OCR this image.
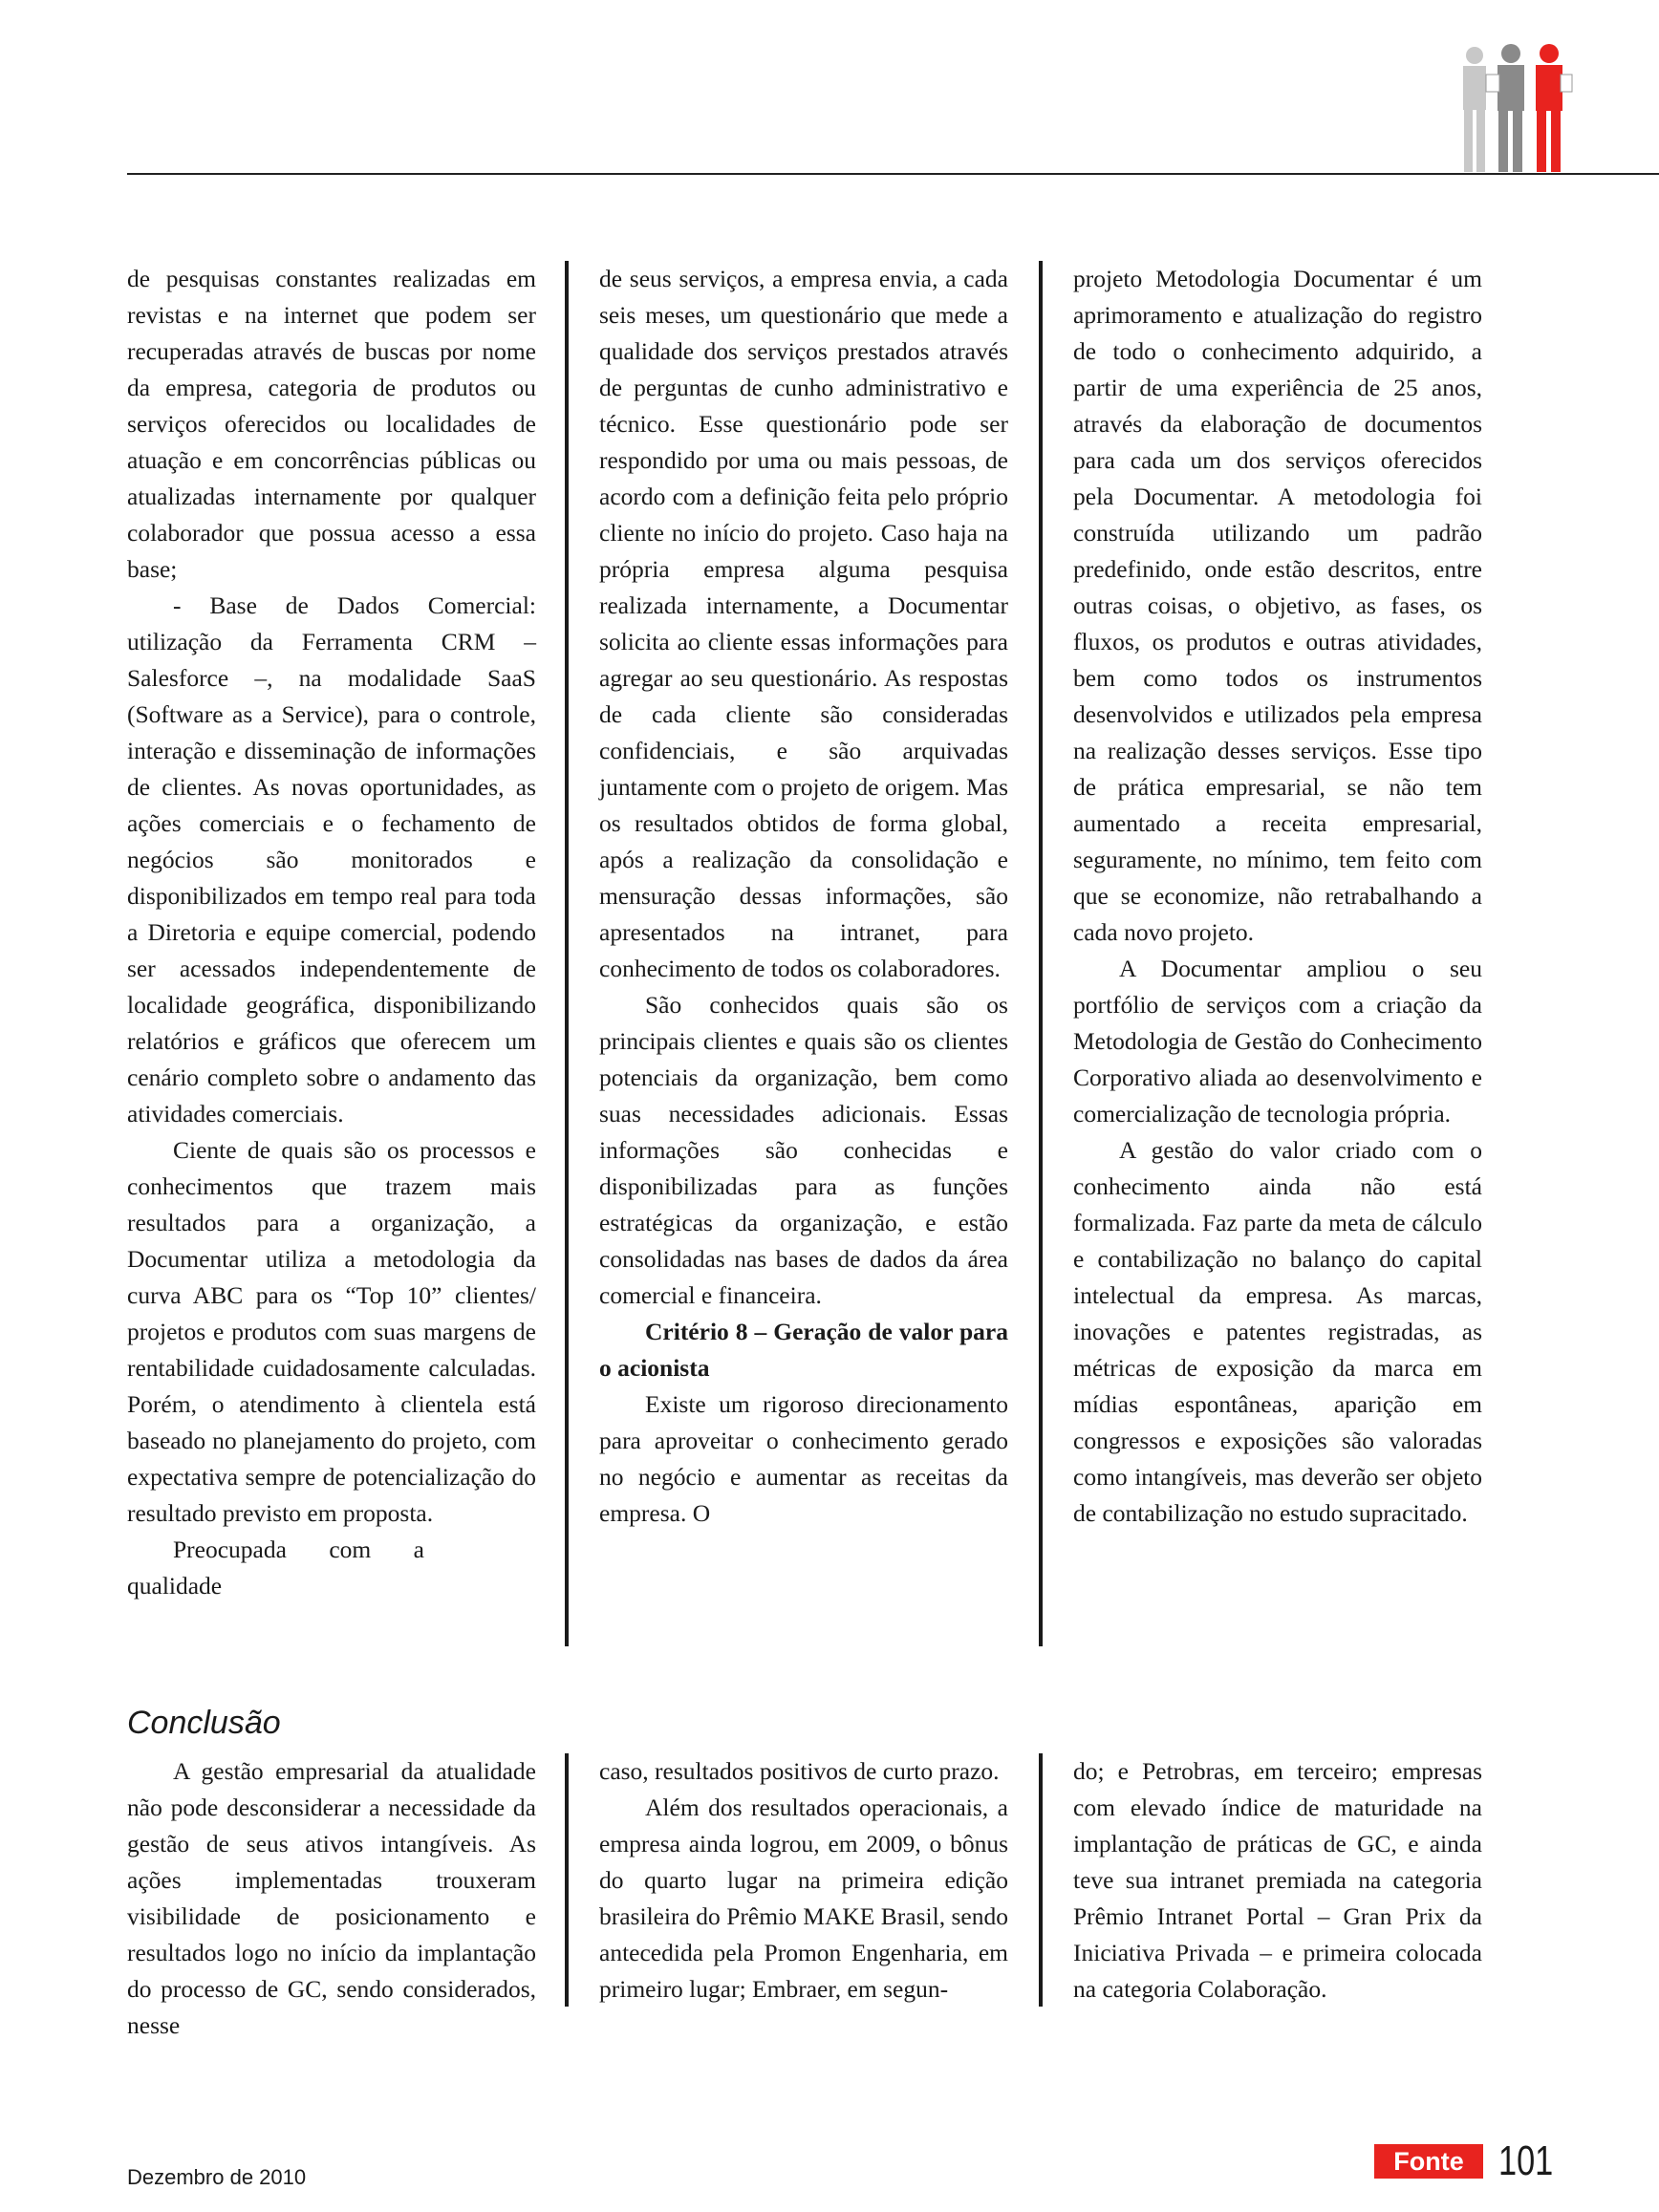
de pesquisas constantes realizadas em revistas e na internet que podem ser recuperadas através de buscas por nome da empresa, categoria de produtos ou serviços oferecidos ou localidades de atuação e em concorrências públicas ou atualizadas internamente por qualquer colaborador que possua acesso a essa base;

- Base de Dados Comercial: utilização da Ferramenta CRM – Salesforce –, na modalidade SaaS (Software as a Service), para o controle, interação e disseminação de informações de clientes. As novas oportunidades, as ações comerciais e o fechamento de negócios são monitorados e disponibilizados em tempo real para toda a Diretoria e equipe comercial, podendo ser acessados independentemente de localidade geográfica, disponibilizando relatórios e gráficos que oferecem um cenário completo sobre o andamento das atividades comerciais.

Ciente de quais são os processos e conhecimentos que trazem mais resultados para a organização, a Documentar utiliza a metodologia da curva ABC para os “Top 10” clientes/ projetos e produtos com suas margens de rentabilidade cuidadosamente calculadas. Porém, o atendimento à clientela está baseado no planejamento do projeto, com expectativa sempre de potencialização do resultado previsto em proposta.

Preocupada com a qualidade

de seus serviços, a empresa envia, a cada seis meses, um questionário que mede a qualidade dos serviços prestados através de perguntas de cunho administrativo e técnico. Esse questionário pode ser respondido por uma ou mais pessoas, de acordo com a definição feita pelo próprio cliente no início do projeto. Caso haja na própria empresa alguma pesquisa realizada internamente, a Documentar solicita ao cliente essas informações para agregar ao seu questionário. As respostas de cada cliente são consideradas confidenciais, e são arquivadas juntamente com o projeto de origem. Mas os resultados obtidos de forma global, após a realização da consolidação e mensuração dessas informações, são apresentados na intranet, para conhecimento de todos os colaboradores.

São conhecidos quais são os principais clientes e quais são os clientes potenciais da organização, bem como suas necessidades adicionais. Essas informações são conhecidas e disponibilizadas para as funções estratégicas da organização, e estão consolidadas nas bases de dados da área comercial e financeira.

Critério 8 – Geração de valor para o acionista

Existe um rigoroso direcionamento para aproveitar o conhecimento gerado no negócio e aumentar as receitas da empresa. O

projeto Metodologia Documentar é um aprimoramento e atualização do registro de todo o conhecimento adquirido, a partir de uma experiência de 25 anos, através da elaboração de documentos para cada um dos serviços oferecidos pela Documentar. A metodologia foi construída utilizando um padrão predefinido, onde estão descritos, entre outras coisas, o objetivo, as fases, os fluxos, os produtos e outras atividades, bem como todos os instrumentos desenvolvidos e utilizados pela empresa na realização desses serviços. Esse tipo de prática empresarial, se não tem aumentado a receita empresarial, seguramente, no mínimo, tem feito com que se economize, não retrabalhando a cada novo projeto.

A Documentar ampliou o seu portfólio de serviços com a criação da Metodologia de Gestão do Conhecimento Corporativo aliada ao desenvolvimento e comercialização de tecnologia própria.

A gestão do valor criado com o conhecimento ainda não está formalizada. Faz parte da meta de cálculo e contabilização no balanço do capital intelectual da empresa. As marcas, inovações e patentes registradas, as métricas de exposição da marca em mídias espontâneas, aparição em congressos e exposições são valoradas como intangíveis, mas deverão ser objeto de contabilização no estudo supracitado.

Conclusão

A gestão empresarial da atualidade não pode desconsiderar a necessidade da gestão de seus ativos intangíveis. As ações implementadas trouxeram visibilidade de posicionamento e resultados logo no início da implantação do processo de GC, sendo considerados, nesse

caso, resultados positivos de curto prazo.

Além dos resultados operacionais, a empresa ainda logrou, em 2009, o bônus do quarto lugar na primeira edição brasileira do Prêmio MAKE Brasil, sendo antecedida pela Promon Engenharia, em primeiro lugar; Embraer, em segun-

do; e Petrobras, em terceiro; empresas com elevado índice de maturidade na implantação de práticas de GC, e ainda teve sua intranet premiada na categoria Prêmio Intranet Portal – Gran Prix da Iniciativa Privada – e primeira colocada na categoria Colaboração.

Dezembro de 2010
Fonte 101
